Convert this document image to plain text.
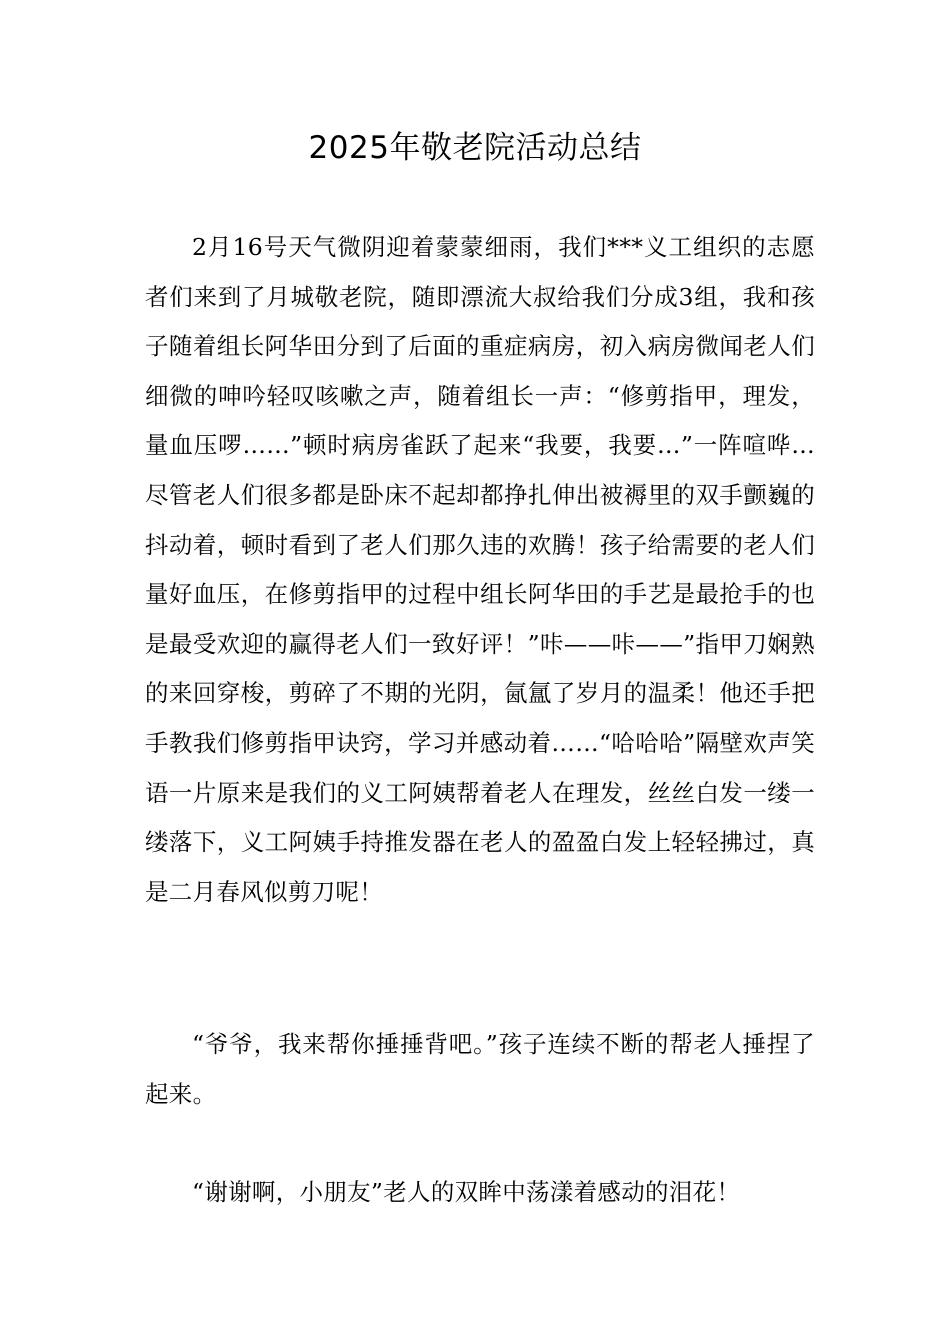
2025年敬老院活动总结

2月16号天气微阴迎着蒙蒙细雨，我们***义工组织的志愿者们来到了月城敬老院，随即漂流大叔给我们分成3组，我和孩子随着组长阿华田分到了后面的重症病房，初入病房微闻老人们细微的呻吟轻叹咳嗽之声，随着组长一声：“修剪指甲，理发，量血压啰……”顿时病房雀跃了起来“我要，我要…”一阵喧哗…尽管老人们很多都是卧床不起却都挣扎伸出被褥里的双手颤巍的抖动着，顿时看到了老人们那久违的欢腾！孩子给需要的老人们量好血压，在修剪指甲的过程中组长阿华田的手艺是最抢手的也是最受欢迎的赢得老人们一致好评！”咔——咔——”指甲刀娴熟的来回穿梭，剪碎了不期的光阴，氤氲了岁月的温柔！他还手把手教我们修剪指甲诀窍，学习并感动着……“哈哈哈”隔壁欢声笑语一片原来是我们的义工阿姨帮着老人在理发，丝丝白发一缕一缕落下，义工阿姨手持推发器在老人的盈盈白发上轻轻拂过，真是二月春风似剪刀呢！

“爷爷，我来帮你捶捶背吧。”孩子连续不断的帮老人捶捏了起来。

“谢谢啊，小朋友”老人的双眸中荡漾着感动的泪花！
